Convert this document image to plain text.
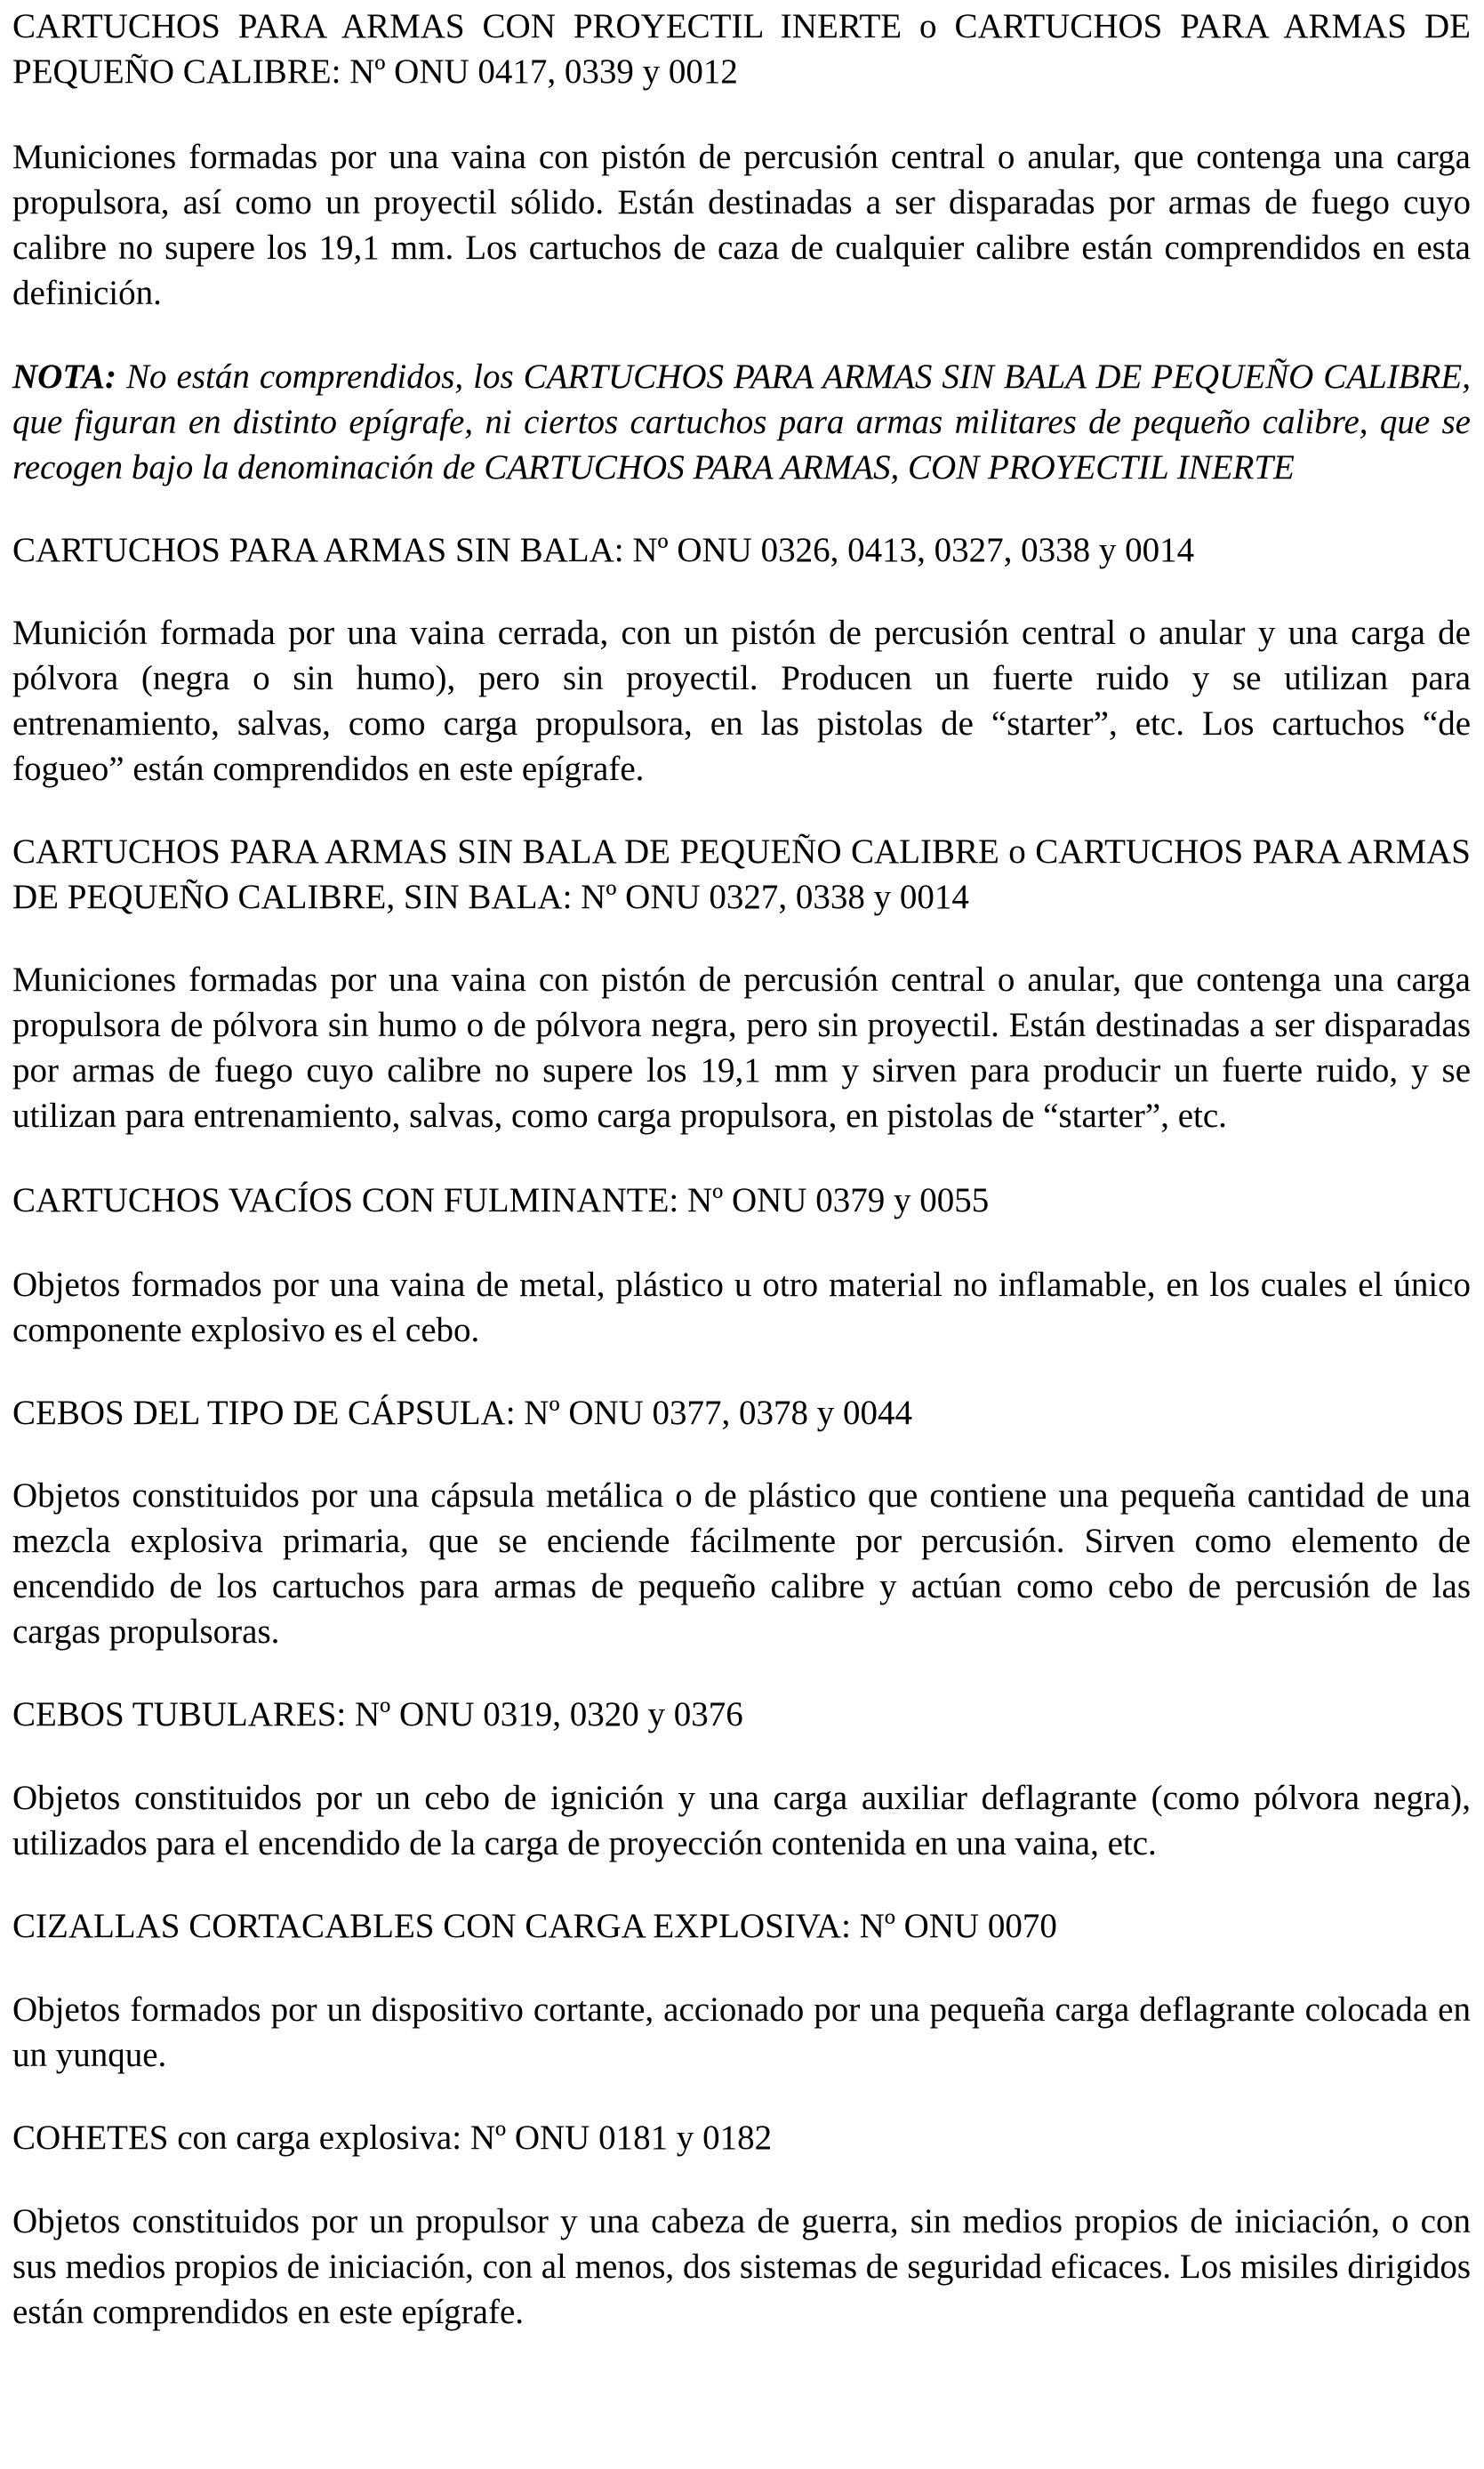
CARTUCHOS PARA ARMAS CON PROYECTIL INERTE o CARTUCHOS PARA ARMAS DE PEQUEÑO CALIBRE: Nº ONU 0417, 0339 y 0012
Municiones formadas por una vaina con pistón de percusión central o anular, que contenga una carga propulsora, así como un proyectil sólido. Están destinadas a ser disparadas por armas de fuego cuyo calibre no supere los 19,1 mm. Los cartuchos de caza de cualquier calibre están comprendidos en esta definición.
NOTA: No están comprendidos, los CARTUCHOS PARA ARMAS SIN BALA DE PEQUEÑO CALIBRE, que figuran en distinto epígrafe, ni ciertos cartuchos para armas militares de pequeño calibre, que se recogen bajo la denominación de CARTUCHOS PARA ARMAS, CON PROYECTIL INERTE
CARTUCHOS PARA ARMAS SIN BALA: Nº ONU 0326, 0413, 0327, 0338 y 0014
Munición formada por una vaina cerrada, con un pistón de percusión central o anular y una carga de pólvora (negra o sin humo), pero sin proyectil. Producen un fuerte ruido y se utilizan para entrenamiento, salvas, como carga propulsora, en las pistolas de “starter”, etc. Los cartuchos “de fogueo” están comprendidos en este epígrafe.
CARTUCHOS PARA ARMAS SIN BALA DE PEQUEÑO CALIBRE o CARTUCHOS PARA ARMAS DE PEQUEÑO CALIBRE, SIN BALA: Nº ONU 0327, 0338 y 0014
Municiones formadas por una vaina con pistón de percusión central o anular, que contenga una carga propulsora de pólvora sin humo o de pólvora negra, pero sin proyectil. Están destinadas a ser disparadas por armas de fuego cuyo calibre no supere los 19,1 mm y sirven para producir un fuerte ruido, y se utilizan para entrenamiento, salvas, como carga propulsora, en pistolas de “starter”, etc.
CARTUCHOS VACÍOS CON FULMINANTE: Nº ONU 0379 y 0055
Objetos formados por una vaina de metal, plástico u otro material no inflamable, en los cuales el único componente explosivo es el cebo.
CEBOS DEL TIPO DE CÁPSULA: Nº ONU 0377, 0378 y 0044
Objetos constituidos por una cápsula metálica o de plástico que contiene una pequeña cantidad de una mezcla explosiva primaria, que se enciende fácilmente por percusión. Sirven como elemento de encendido de los cartuchos para armas de pequeño calibre y actúan como cebo de percusión de las cargas propulsoras.
CEBOS TUBULARES: Nº ONU 0319, 0320 y 0376
Objetos constituidos por un cebo de ignición y una carga auxiliar deflagrante (como pólvora negra), utilizados para el encendido de la carga de proyección contenida en una vaina, etc.
CIZALLAS CORTACABLES CON CARGA EXPLOSIVA: Nº ONU 0070
Objetos formados por un dispositivo cortante, accionado por una pequeña carga deflagrante colocada en un yunque.
COHETES con carga explosiva: Nº ONU 0181 y 0182
Objetos constituidos por un propulsor y una cabeza de guerra, sin medios propios de iniciación, o con sus medios propios de iniciación, con al menos, dos sistemas de seguridad eficaces. Los misiles dirigidos están comprendidos en este epígrafe.
